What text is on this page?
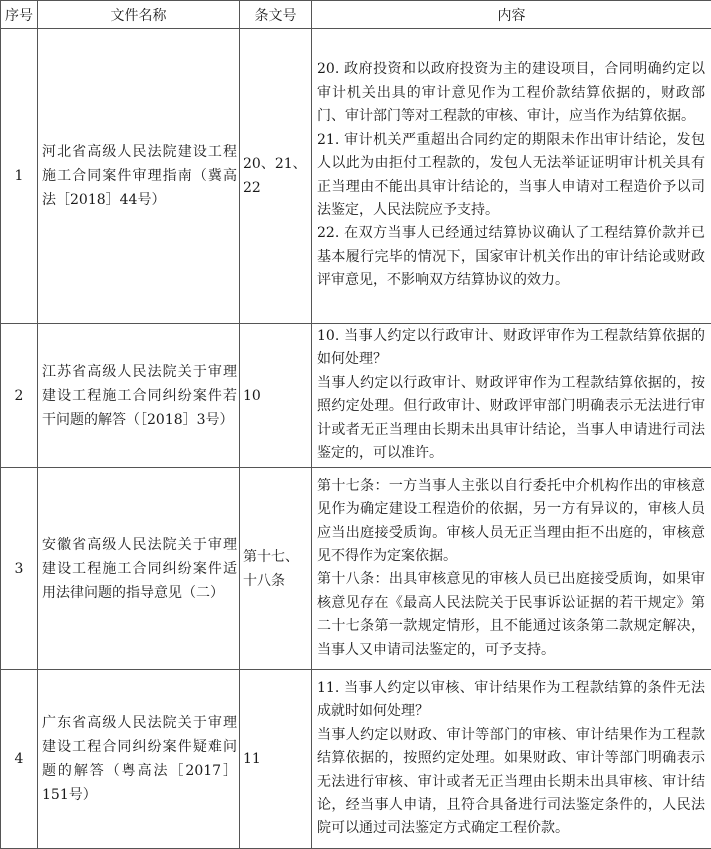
序号	文件名称	条文号	内容
1	河北省高级人民法院建设工程施工合同案件审理指南（冀高法［2018］44号）	20、21、22	20. 政府投资和以政府投资为主的建设项目，合同明确约定以审计机关出具的审计意见作为工程价款结算依据的，财政部门、审计部门等对工程款的审核、审计，应当作为结算依据。

21. 审计机关严重超出合同约定的期限未作出审计结论，发包人以此为由拒付工程款的，发包人无法举证证明审计机关具有正当理由不能出具审计结论的，当事人申请对工程造价予以司法鉴定，人民法院应予支持。

22. 在双方当事人已经通过结算协议确认了工程结算价款并已基本履行完毕的情况下，国家审计机关作出的审计结论或财政评审意见，不影响双方结算协议的效力。

2	江苏省高级人民法院关于审理建设工程施工合同纠纷案件若干问题的解答（［2018］3号）	10	10. 当事人约定以行政审计、财政评审作为工程款结算依据的如何处理？

当事人约定以行政审计、财政评审作为工程款结算依据的，按照约定处理。但行政审计、财政评审部门明确表示无法进行审计或者无正当理由长期未出具审计结论，当事人申请进行司法鉴定的，可以准许。

3	安徽省高级人民法院关于审理建设工程施工合同纠纷案件适用法律问题的指导意见（二）	第十七、十八条	第十七条：一方当事人主张以自行委托中介机构作出的审核意见作为确定建设工程造价的依据，另一方有异议的，审核人员应当出庭接受质询。审核人员无正当理由拒不出庭的，审核意见不得作为定案依据。

第十八条：出具审核意见的审核人员已出庭接受质询，如果审核意见存在《最高人民法院关于民事诉讼证据的若干规定》第二十七条第一款规定情形，且不能通过该条第二款规定解决，当事人又申请司法鉴定的，可予支持。

4	广东省高级人民法院关于审理建设工程合同纠纷案件疑难问题的解答（粤高法［2017］151号）	11	11. 当事人约定以审核、审计结果作为工程款结算的条件无法成就时如何处理？

当事人约定以财政、审计等部门的审核、审计结果作为工程款结算依据的，按照约定处理。如果财政、审计等部门明确表示无法进行审核、审计或者无正当理由长期未出具审核、审计结论，经当事人申请，且符合具备进行司法鉴定条件的，人民法院可以通过司法鉴定方式确定工程价款。
